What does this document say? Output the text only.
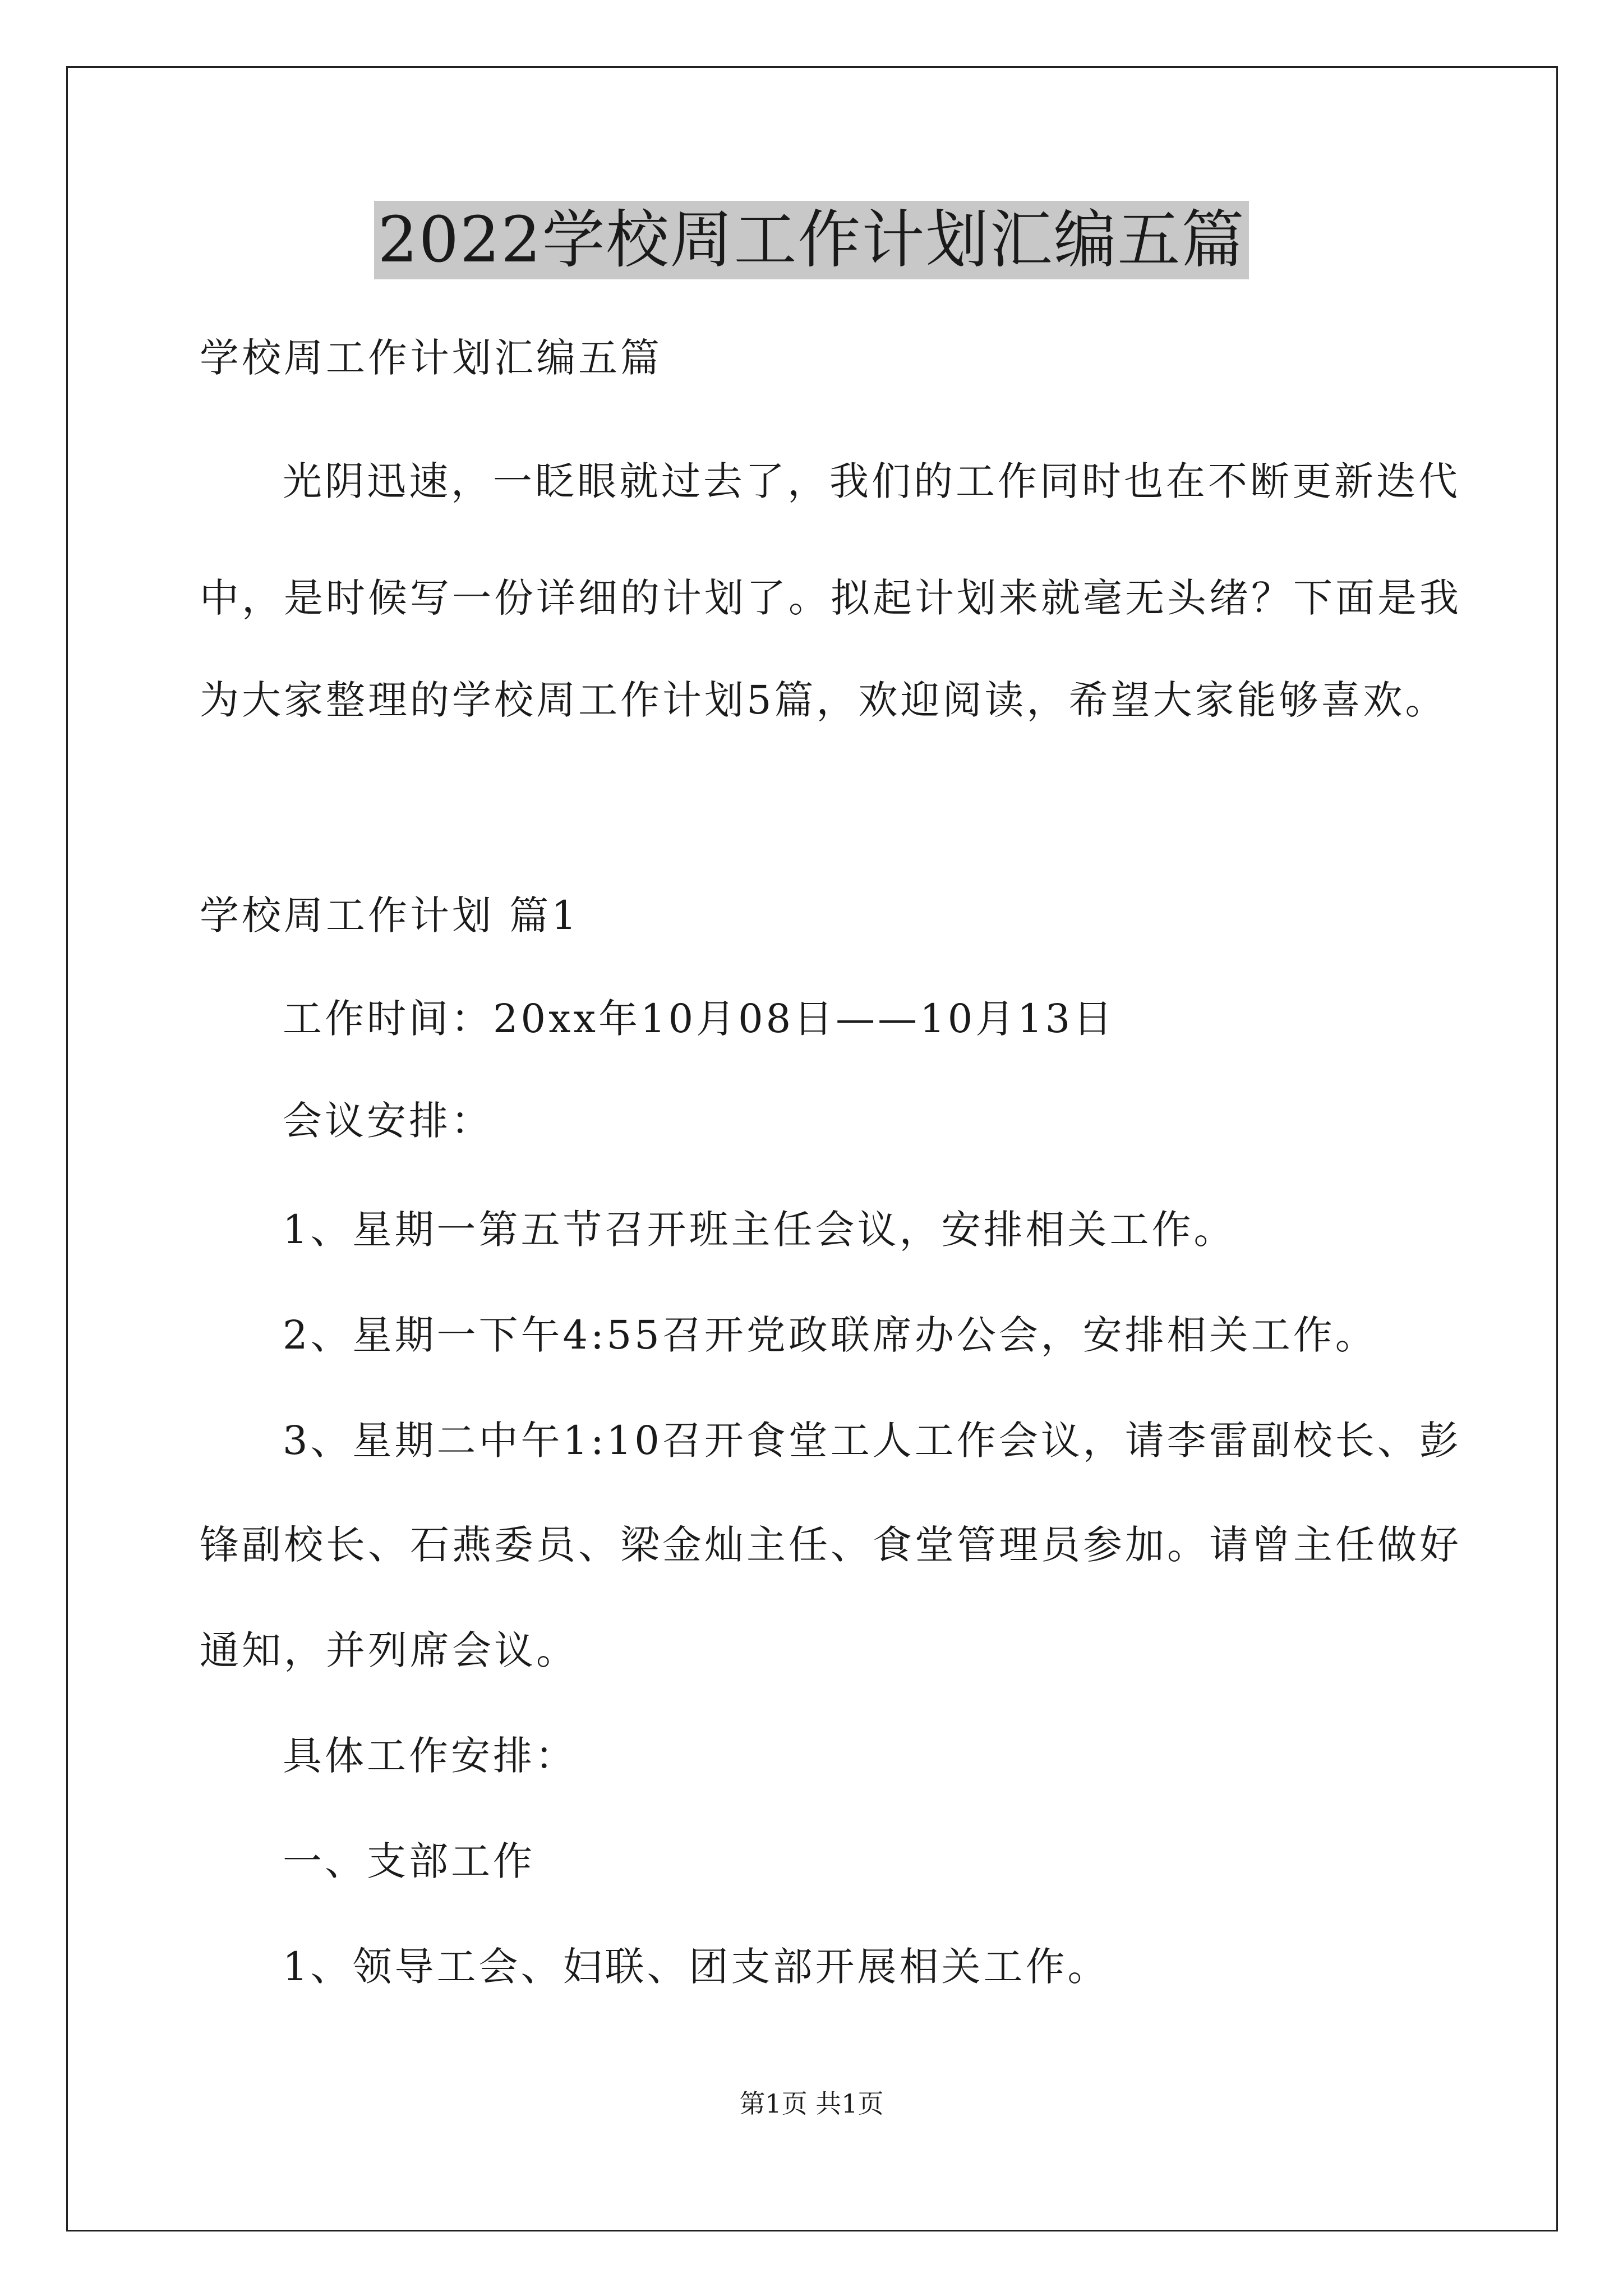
2022学校周工作计划汇编五篇
学校周工作计划汇编五篇
光阴迅速，一眨眼就过去了，我们的工作同时也在不断更新迭代
中，是时候写一份详细的计划了。拟起计划来就毫无头绪？下面是我
为大家整理的学校周工作计划5篇，欢迎阅读，希望大家能够喜欢。
学校周工作计划 篇1
工作时间：20xx年10月08日——10月13日
会议安排：
1、星期一第五节召开班主任会议，安排相关工作。
2、星期一下午4:55召开党政联席办公会，安排相关工作。
3、星期二中午1:10召开食堂工人工作会议，请李雷副校长、彭
锋副校长、石燕委员、梁金灿主任、食堂管理员参加。请曾主任做好
通知，并列席会议。
具体工作安排：
一、支部工作
1、领导工会、妇联、团支部开展相关工作。
第1页 共1页
